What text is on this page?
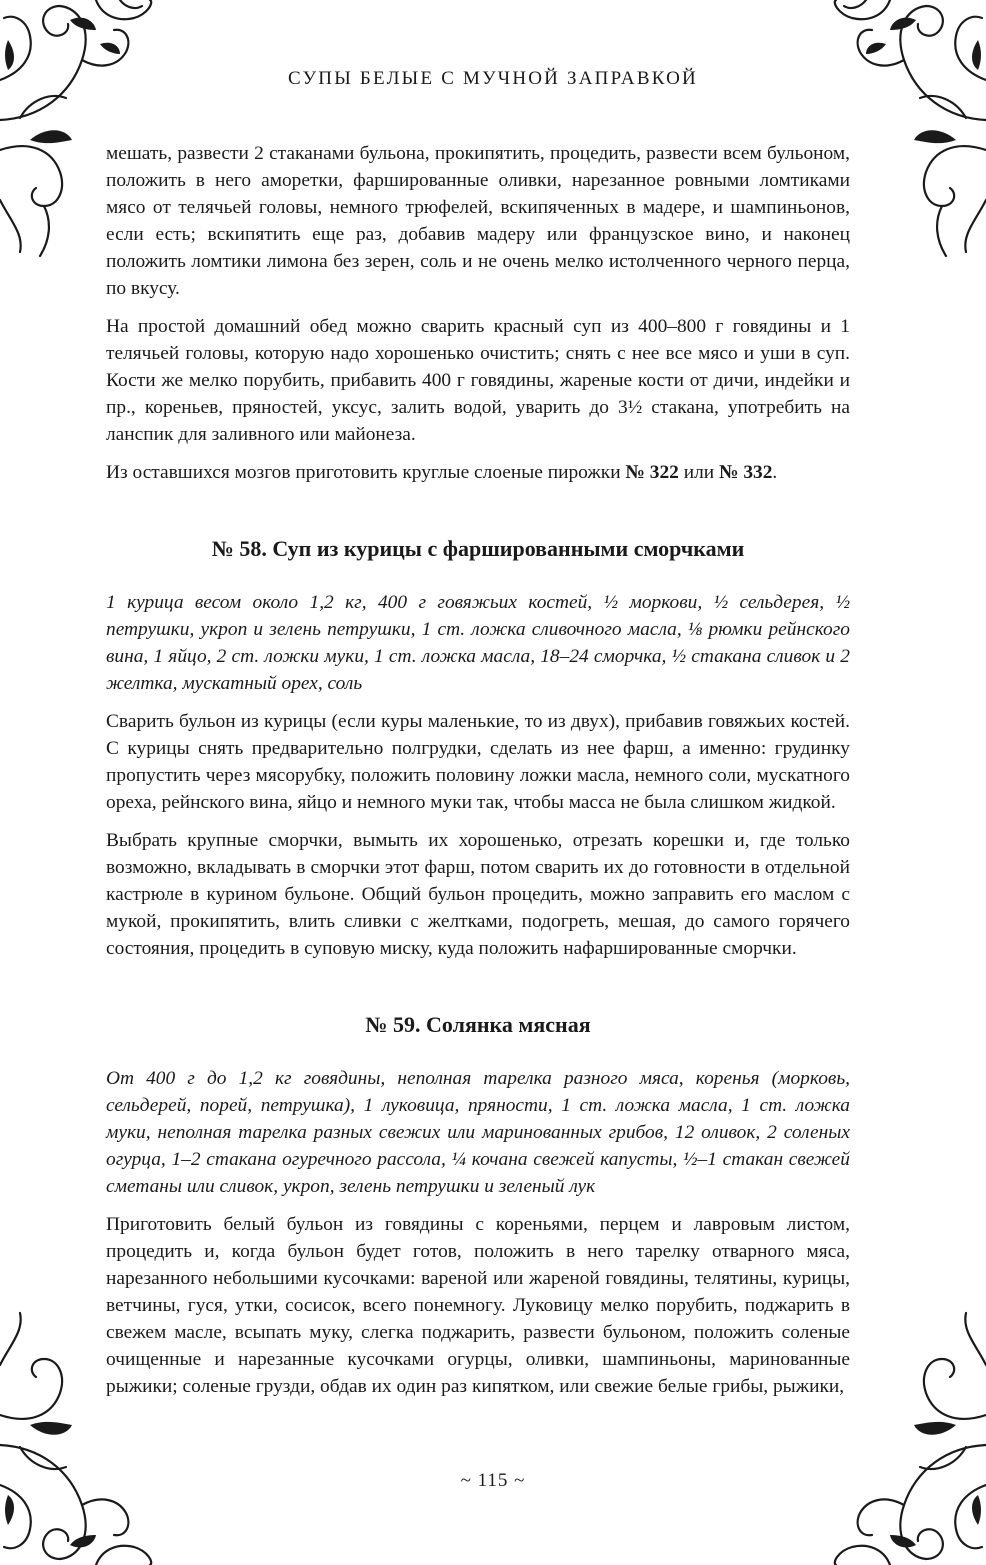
СУПЫ БЕЛЫЕ С МУЧНОЙ ЗАПРАВКОЙ

мешать, развести 2 стаканами бульона, прокипятить, процедить, развести всем бульоном, положить в него аморетки, фаршированные оливки, нарезанное ровными ломтиками мясо от телячьей головы, немного трюфелей, вскипяченных в мадере, и шампиньонов, если есть; вскипятить еще раз, добавив мадеру или французское вино, и наконец положить ломтики лимона без зерен, соль и не очень мелко истолченного черного перца, по вкусу.

На простой домашний обед можно сварить красный суп из 400–800 г говядины и 1 телячьей головы, которую надо хорошенько очистить; снять с нее все мясо и уши в суп. Кости же мелко порубить, прибавить 400 г говядины, жареные кости от дичи, индейки и пр., кореньев, пряностей, уксус, залить водой, уварить до 3½ стакана, употребить на ланспик для заливного или майонеза.

Из оставшихся мозгов приготовить круглые слоеные пирожки № 322 или № 332.

№ 58. Суп из курицы с фаршированными сморчками

1 курица весом около 1,2 кг, 400 г говяжьих костей, ½ моркови, ½ сельдерея, ½ петрушки, укроп и зелень петрушки, 1 ст. ложка сливочного масла, ⅛ рюмки рейнского вина, 1 яйцо, 2 ст. ложки муки, 1 ст. ложка масла, 18–24 сморчка, ½ стакана сливок и 2 желтка, мускатный орех, соль

Сварить бульон из курицы (если куры маленькие, то из двух), прибавив говяжьих костей. С курицы снять предварительно полгрудки, сделать из нее фарш, а именно: грудинку пропустить через мясорубку, положить половину ложки масла, немного соли, мускатного ореха, рейнского вина, яйцо и немного муки так, чтобы масса не была слишком жидкой.

Выбрать крупные сморчки, вымыть их хорошенько, отрезать корешки и, где только возможно, вкладывать в сморчки этот фарш, потом сварить их до готовности в отдельной кастрюле в курином бульоне. Общий бульон процедить, можно заправить его маслом с мукой, прокипятить, влить сливки с желтками, подогреть, мешая, до самого горячего состояния, процедить в суповую миску, куда положить нафаршированные сморчки.

№ 59. Солянка мясная

От 400 г до 1,2 кг говядины, неполная тарелка разного мяса, коренья (морковь, сельдерей, порей, петрушка), 1 луковица, пряности, 1 ст. ложка масла, 1 ст. ложка муки, неполная тарелка разных свежих или маринованных грибов, 12 оливок, 2 соленых огурца, 1–2 стакана огуречного рассола, ¼ кочана свежей капусты, ½–1 стакан свежей сметаны или сливок, укроп, зелень петрушки и зеленый лук

Приготовить белый бульон из говядины с кореньями, перцем и лавровым листом, процедить и, когда бульон будет готов, положить в него тарелку отварного мяса, нарезанного небольшими кусочками: вареной или жареной говядины, телятины, курицы, ветчины, гуся, утки, сосисок, всего понемногу. Луковицу мелко порубить, поджарить в свежем масле, всыпать муку, слегка поджарить, развести бульоном, положить соленые очищенные и нарезанные кусочками огурцы, оливки, шампиньоны, маринованные рыжики; соленые грузди, обдав их один раз кипятком, или свежие белые грибы, рыжики,

~ 115 ~
